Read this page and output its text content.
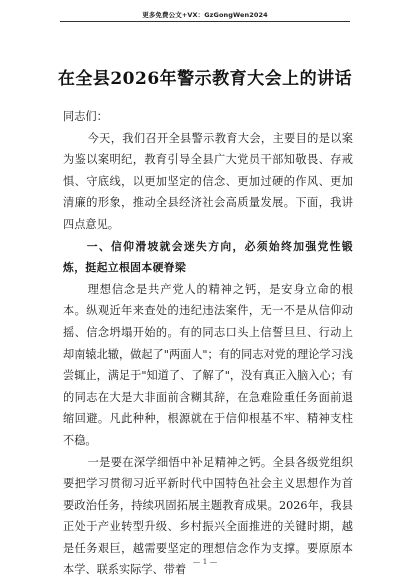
更多免费公文+VX：GzGongWen2024
在全县2026年警示教育大会上的讲话

同志们：

今天，我们召开全县警示教育大会，主要目的是以案为鉴以案明纪，教育引导全县广大党员干部知敬畏、存戒惧、守底线，以更加坚定的信念、更加过硬的作风、更加清廉的形象，推动全县经济社会高质量发展。下面，我讲四点意见。

一、信仰滑坡就会迷失方向，必须始终加强党性锻炼，挺起立根固本硬脊梁

理想信念是共产党人的精神之钙，是安身立命的根本。纵观近年来查处的违纪违法案件，无一不是从信仰动摇、信念坍塌开始的。有的同志口头上信誓旦旦、行动上却南辕北辙，做起了"两面人"；有的同志对党的理论学习浅尝辄止，满足于"知道了、了解了"，没有真正入脑入心；有的同志在大是大非面前含糊其辞，在急难险重任务面前退缩回避。凡此种种，根源就在于信仰根基不牢、精神支柱不稳。

一是要在深学细悟中补足精神之钙。全县各级党组织要把学习贯彻习近平新时代中国特色社会主义思想作为首要政治任务，持续巩固拓展主题教育成果。2026年，我县正处于产业转型升级、乡村振兴全面推进的关键时期，越是任务艰巨，越需要坚定的理想信念作为支撑。要原原本本学、联系实际学、带着

— 1 —
